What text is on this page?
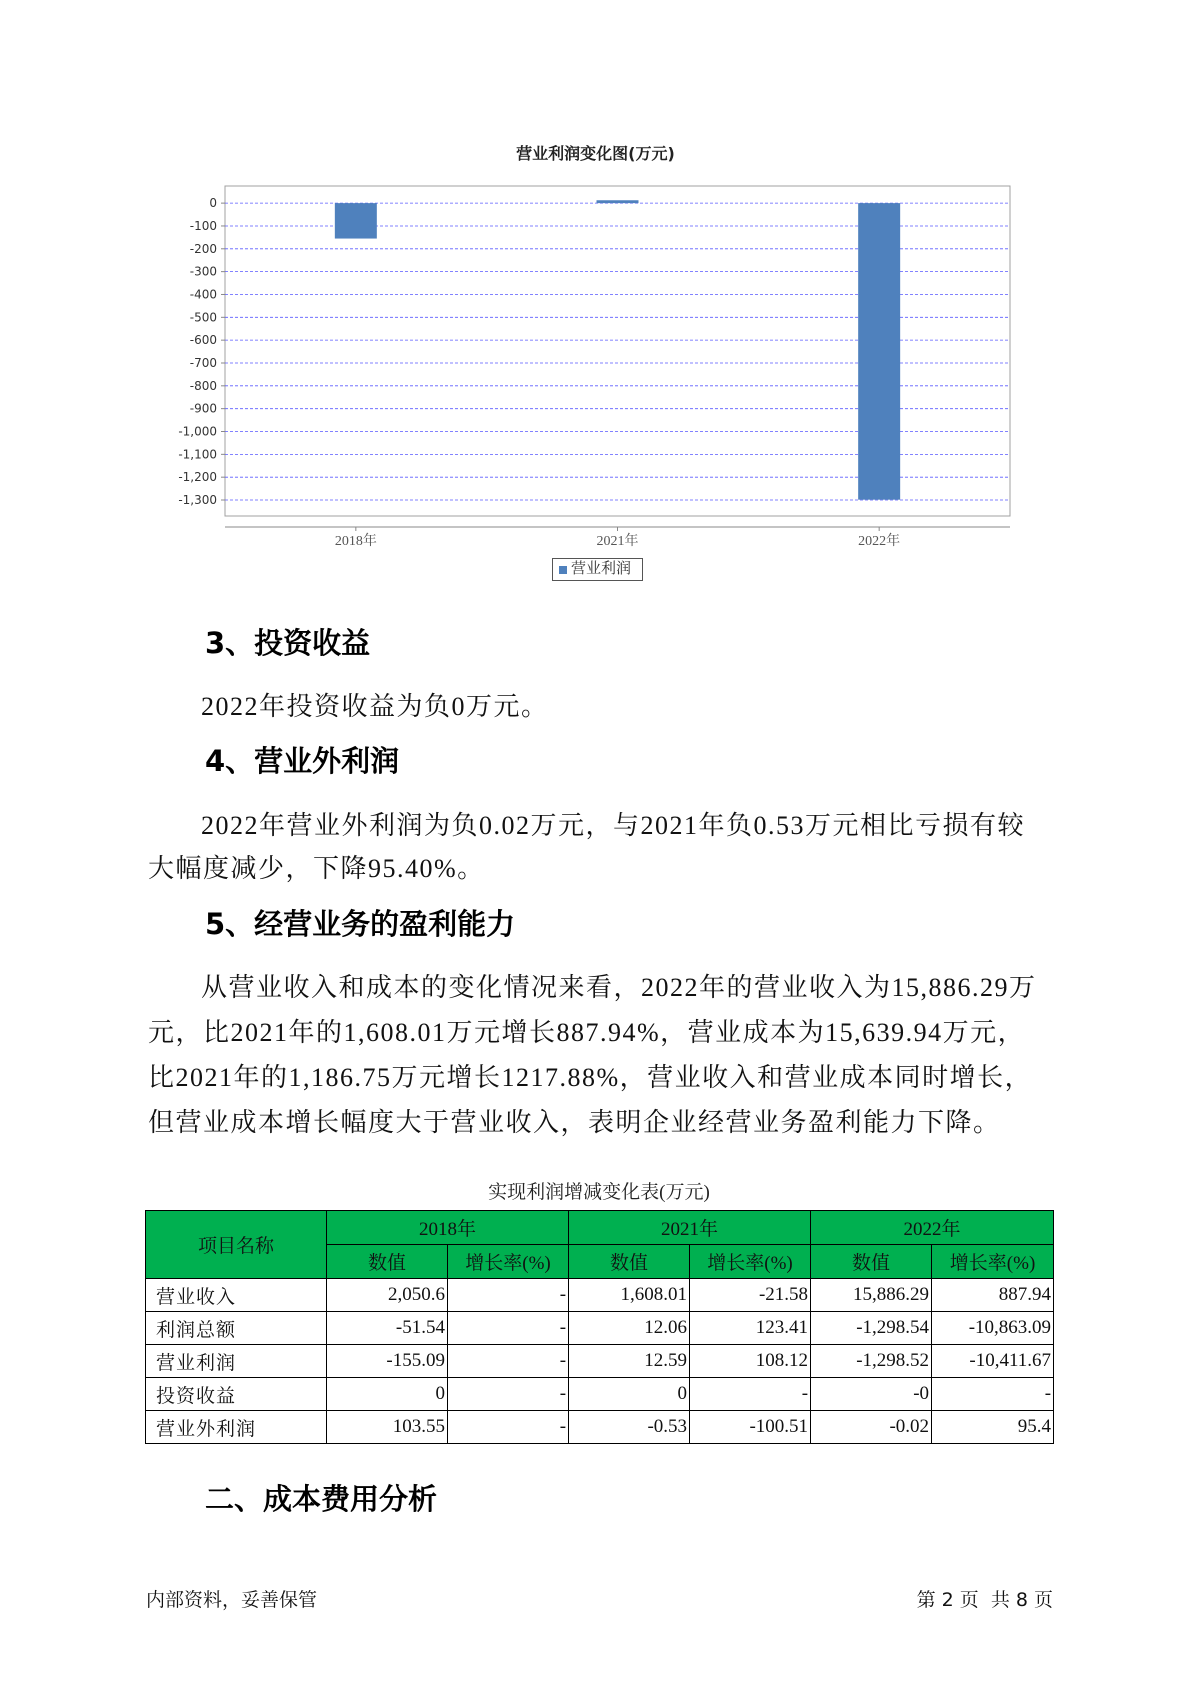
营业利润变化图(万元)
0
-100
-200
-300
-400
-500
-600
-700
-800
-900
-1,000
-1,100
-1,200
-1,300
2018年	2021年	2022年
营业利润
3、投资收益
2022年投资收益为负0万元。
4、营业外利润
2022年营业外利润为负0.02万元，与2021年负0.53万元相比亏损有较
大幅度减少，下降95.40%。
5、经营业务的盈利能力
从营业收入和成本的变化情况来看，2022年的营业收入为15,886.29万
元，比2021年的1,608.01万元增长887.94%，营业成本为15,639.94万元，
比2021年的1,186.75万元增长1217.88%，营业收入和营业成本同时增长，
但营业成本增长幅度大于营业收入，表明企业经营业务盈利能力下降。
实现利润增减变化表(万元)
项目名称	2018年		2021年		2022年	
	数值	增长率(%)	数值	增长率(%)	数值	增长率(%)
营业收入	2,050.6	-	1,608.01	-21.58	15,886.29	887.94
利润总额	-51.54	-	12.06	123.41	-1,298.54	-10,863.09
营业利润	-155.09	-	12.59	108.12	-1,298.52	-10,411.67
投资收益	0	-	0	-	-0	-
营业外利润	103.55	-	-0.53	-100.51	-0.02	95.4
二、成本费用分析
内部资料，妥善保管	第 2 页  共 8 页
